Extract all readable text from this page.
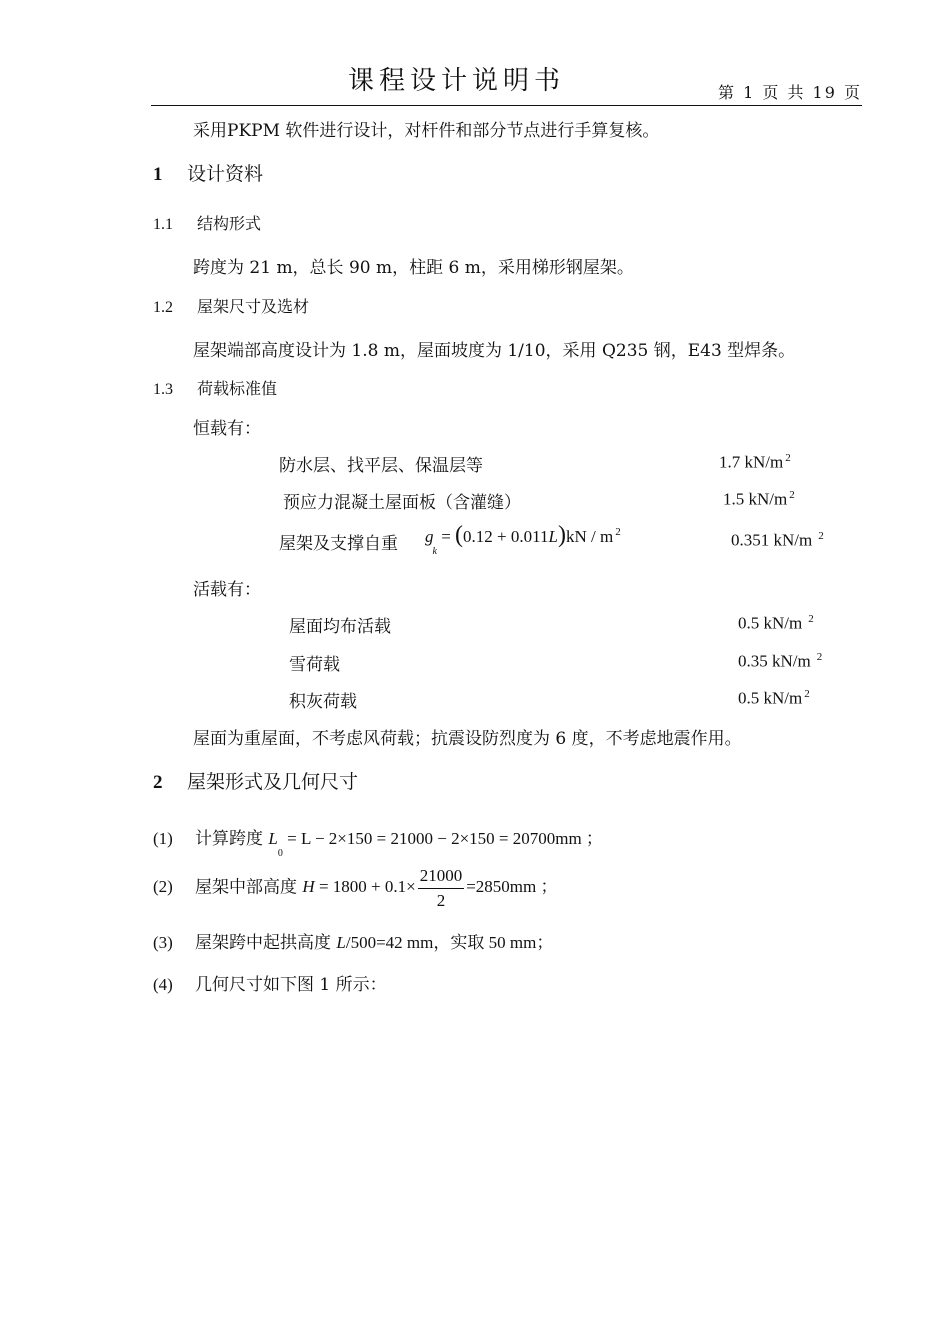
课程设计说明书	第 1 页 共 19 页
采用PKPM 软件进行设计，对杆件和部分节点进行手算复核。
1 设计资料
1.1 结构形式
跨度为 21 m，总长 90 m，柱距 6 m，采用梯形钢屋架。
1.2 屋架尺寸及选材
屋架端部高度设计为 1.8 m，屋面坡度为 1/10，采用 Q235 钢，E43 型焊条。
1.3 荷载标准值
恒载有：
防水层、找平层、保温层等	1.7 kN/m $^2$
预应力混凝土屋面板（含灌缝）	1.5 kN/m $^2$
屋架及支撑自重 $g_k = (0.12 + 0.011L)kN / m$ $^2$	0.351 kN/m $^2$
活载有：
屋面均布活载	0.5 kN/m $^2$
雪荷载	0.35 kN/m $^2$
积灰荷载	0.5 kN/m $^2$
屋面为重屋面，不考虑风荷载；抗震设防烈度为 6 度，不考虑地震作用。
2 屋架形式及几何尺寸
(1) 计算跨度 $L_0 = L - 2\times 150 = 21000 - 2\times 150 = 20700mm$ ；
(2) 屋架中部高度 $H = 1800 + 0.1\times \frac{21000}{2} =2850mm$ ；
(3) 屋架跨中起拱高度 L/500=42 mm，实取 50 mm；
(4) 几何尺寸如下图 1 所示：
